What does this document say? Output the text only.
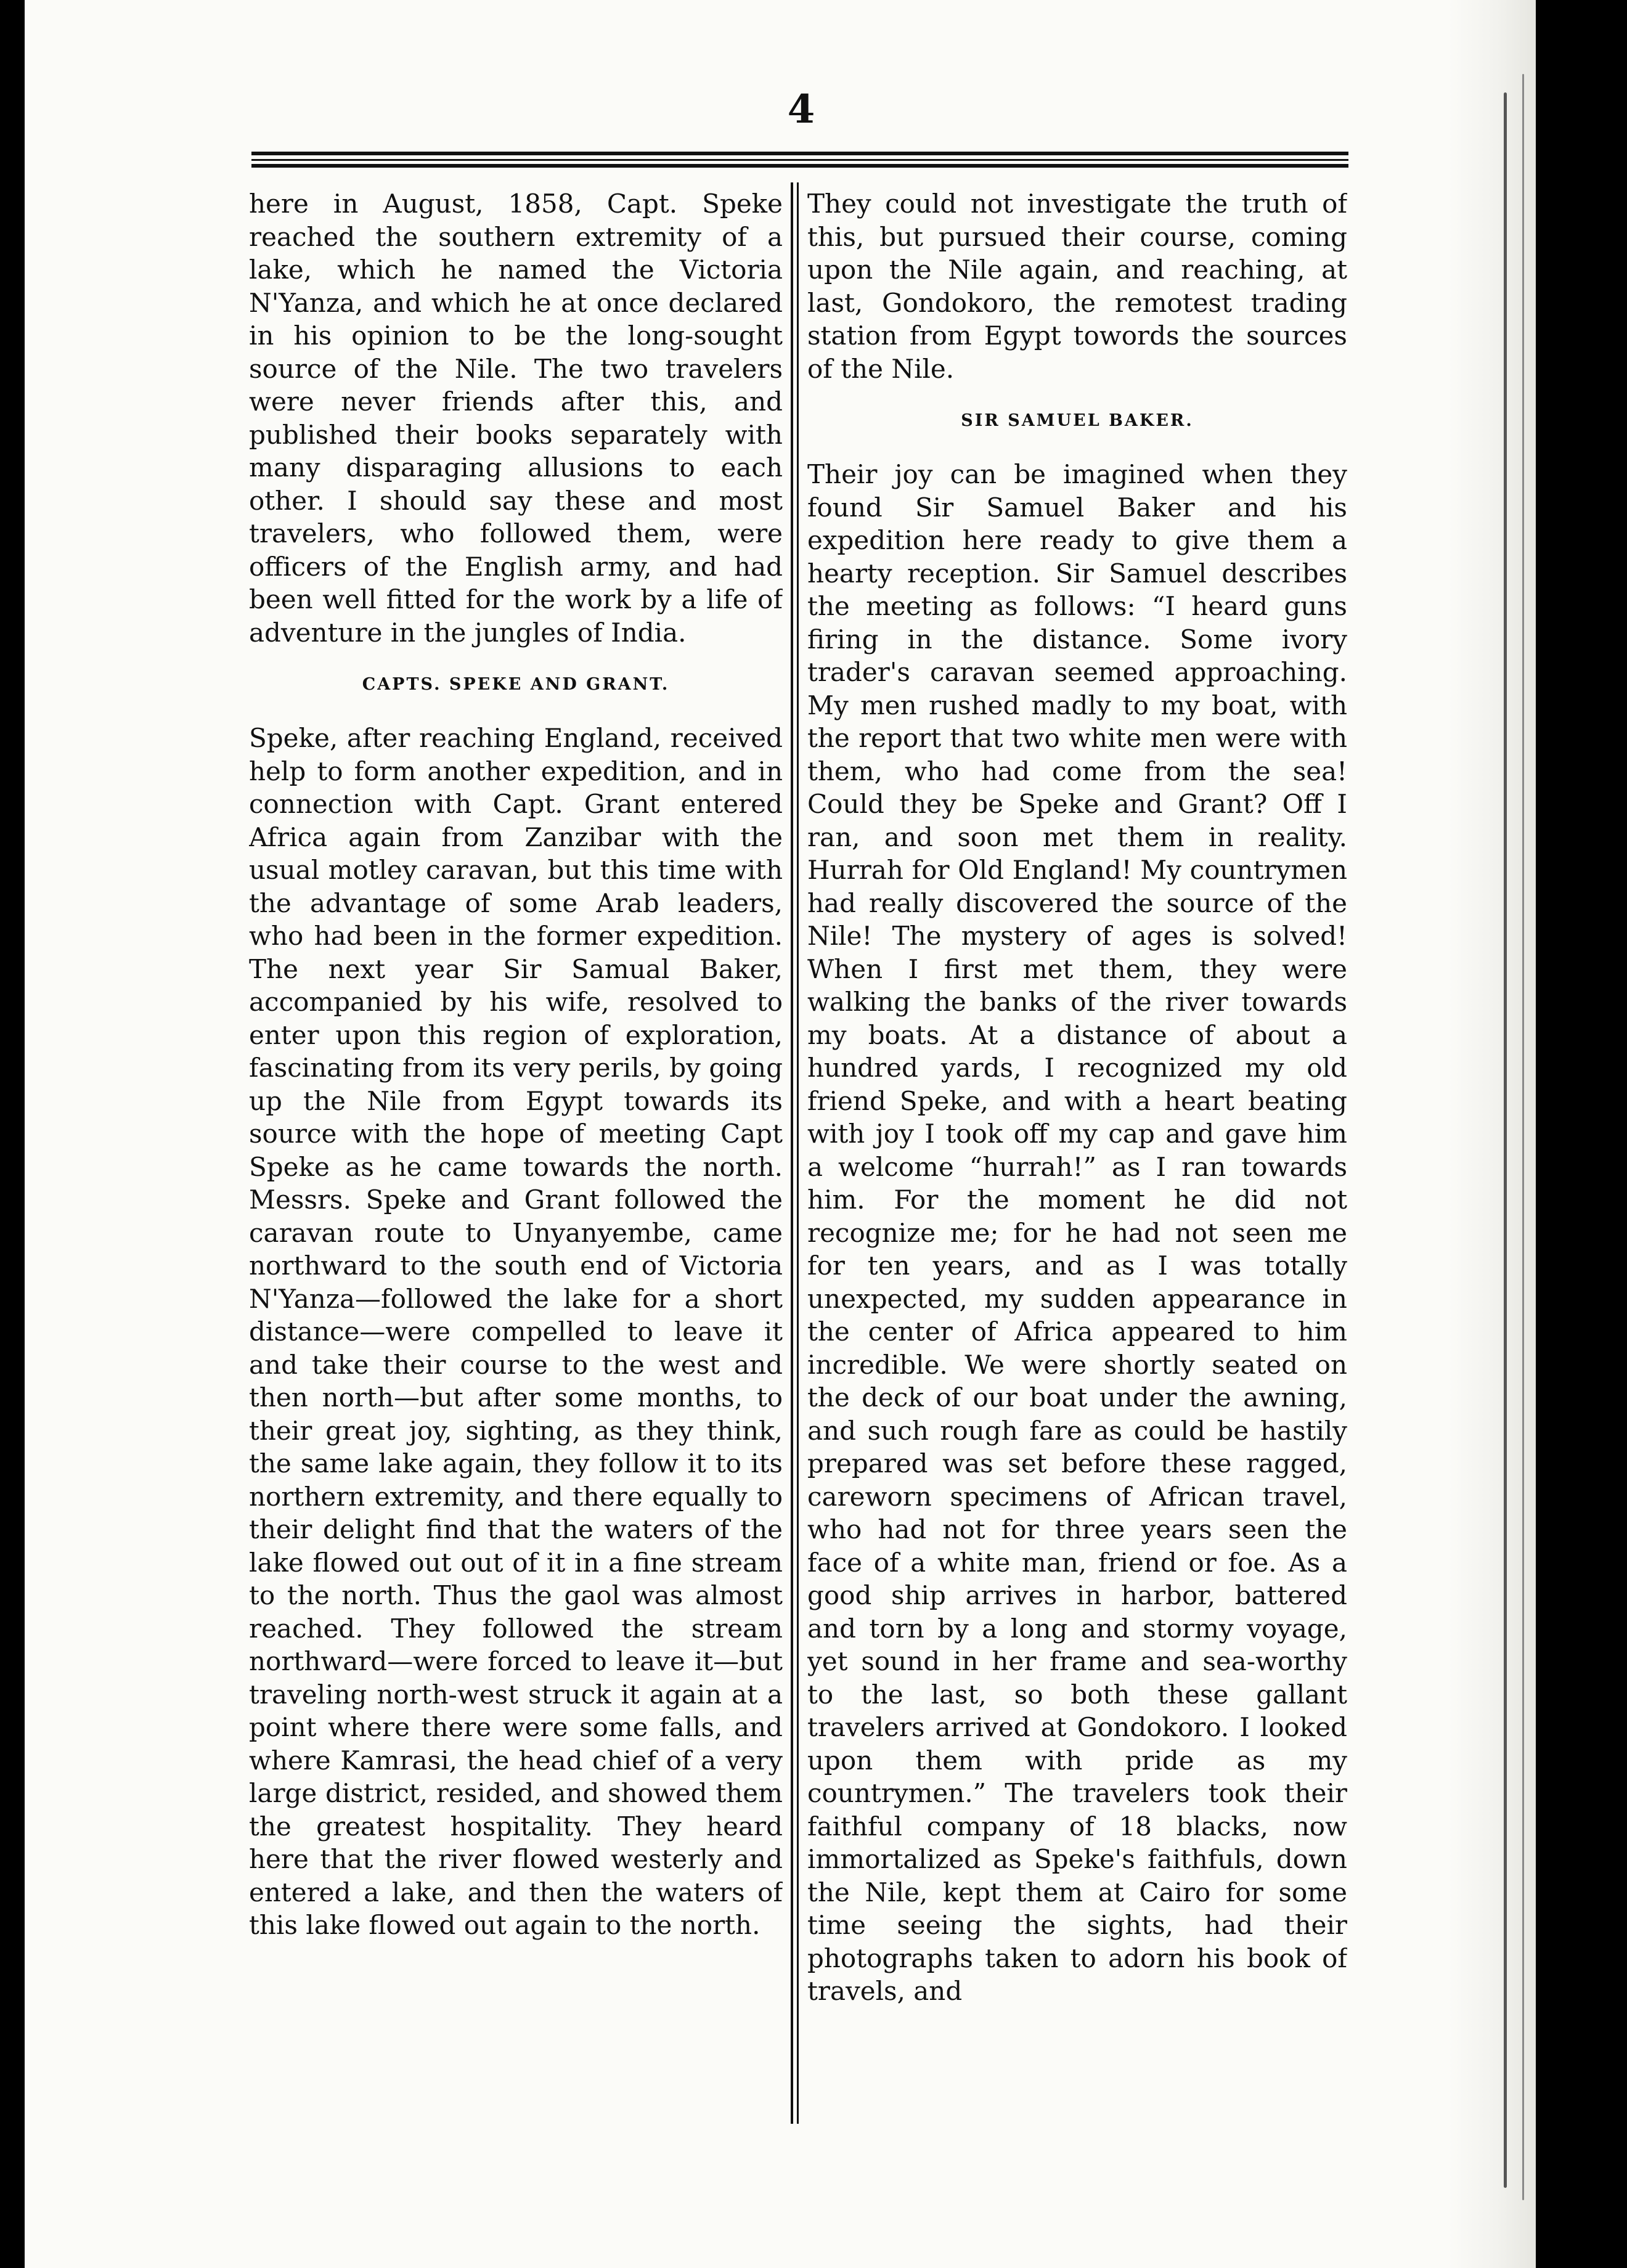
4

here in August, 1858, Capt. Speke reached the southern extremity of a lake, which he named the Victoria N'Yanza, and which he at once declared in his opinion to be the long-sought source of the Nile. The two travelers were never friends after this, and published their books separately with many disparaging allusions to each other. I should say these and most travelers, who followed them, were officers of the English army, and had been well fitted for the work by a life of adventure in the jungles of India.

CAPTS. SPEKE AND GRANT.

Speke, after reaching England, received help to form another expedition, and in connection with Capt. Grant entered Africa again from Zanzibar with the usual motley caravan, but this time with the advantage of some Arab leaders, who had been in the former expedition. The next year Sir Samual Baker, accompanied by his wife, resolved to enter upon this region of exploration, fascinating from its very perils, by going up the Nile from Egypt towards its source with the hope of meeting Capt Speke as he came towards the north. Messrs. Speke and Grant followed the caravan route to Unyanyembe, came northward to the south end of Victoria N'Yanza—followed the lake for a short distance—were compelled to leave it and take their course to the west and then north—but after some months, to their great joy, sighting, as they think, the same lake again, they follow it to its northern extremity, and there equally to their delight find that the waters of the lake flowed out out of it in a fine stream to the north. Thus the gaol was almost reached. They followed the stream northward—were forced to leave it—but traveling north-west struck it again at a point where there were some falls, and where Kamrasi, the head chief of a very large district, resided, and showed them the greatest hospitality. They heard here that the river flowed westerly and entered a lake, and then the waters of this lake flowed out again to the north.

They could not investigate the truth of this, but pursued their course, coming upon the Nile again, and reaching, at last, Gondokoro, the remotest trading station from Egypt towords the sources of the Nile.

SIR SAMUEL BAKER.

Their joy can be imagined when they found Sir Samuel Baker and his expedition here ready to give them a hearty reception. Sir Samuel describes the meeting as follows: “I heard guns firing in the distance. Some ivory trader's caravan seemed approaching. My men rushed madly to my boat, with the report that two white men were with them, who had come from the sea! Could they be Speke and Grant? Off I ran, and soon met them in reality. Hurrah for Old England! My countrymen had really discovered the source of the Nile! The mystery of ages is solved! When I first met them, they were walking the banks of the river towards my boats. At a distance of about a hundred yards, I recognized my old friend Speke, and with a heart beating with joy I took off my cap and gave him a welcome “hurrah!” as I ran towards him. For the moment he did not recognize me; for he had not seen me for ten years, and as I was totally unexpected, my sudden appearance in the center of Africa appeared to him incredible. We were shortly seated on the deck of our boat under the awning, and such rough fare as could be hastily prepared was set before these ragged, careworn specimens of African travel, who had not for three years seen the face of a white man, friend or foe. As a good ship arrives in harbor, battered and torn by a long and stormy voyage, yet sound in her frame and sea-worthy to the last, so both these gallant travelers arrived at Gondokoro. I looked upon them with pride as my countrymen.” The travelers took their faithful company of 18 blacks, now immortalized as Speke's faithfuls, down the Nile, kept them at Cairo for some time seeing the sights, had their photographs taken to adorn his book of travels, and
